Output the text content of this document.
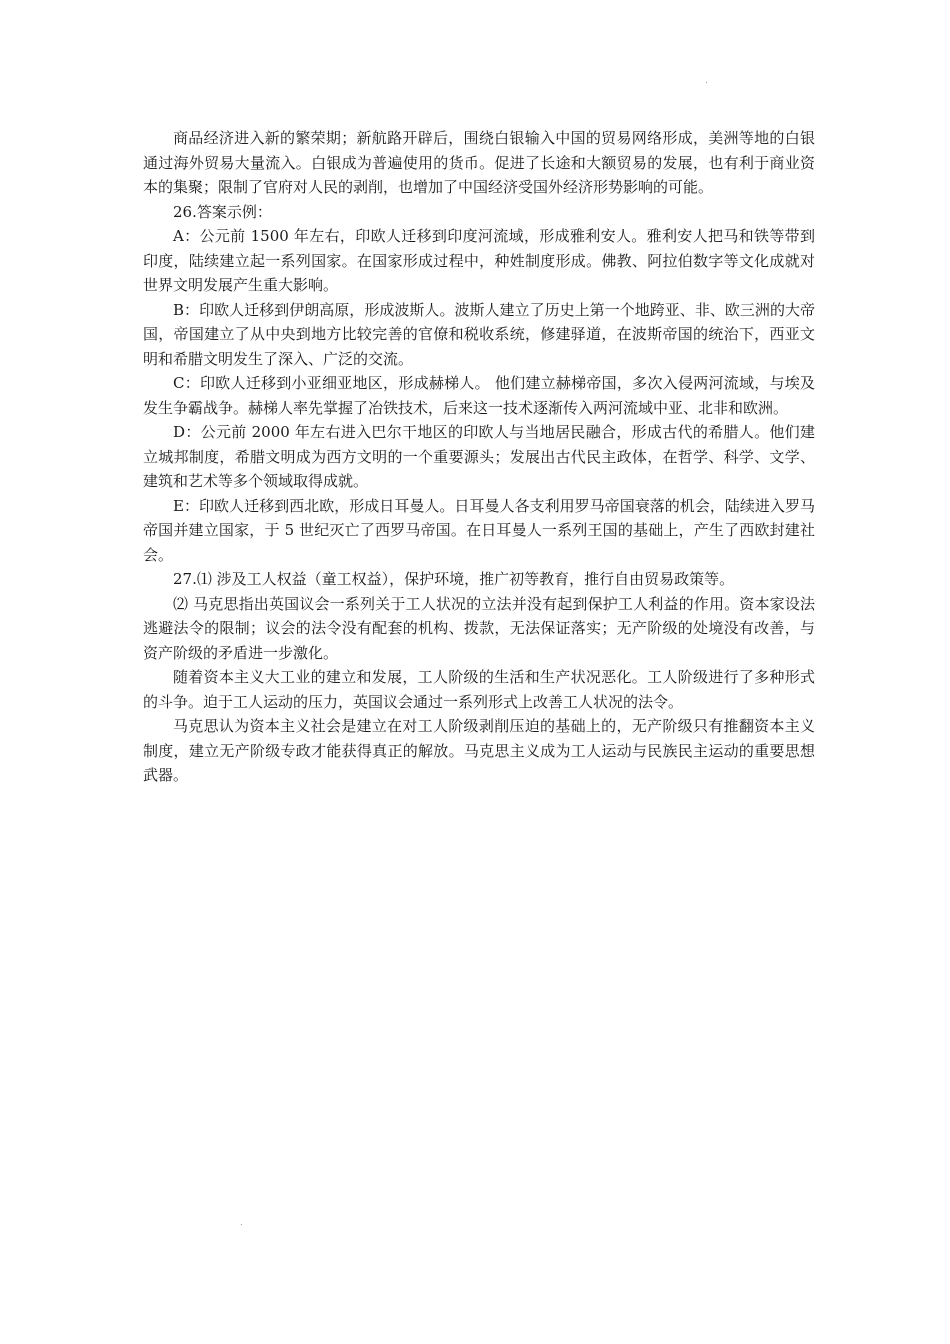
.

商品经济进入新的繁荣期；新航路开辟后，围绕白银输入中国的贸易网络形成，美洲等地的白银通过海外贸易大量流入。白银成为普遍使用的货币。促进了长途和大额贸易的发展，也有利于商业资本的集聚；限制了官府对人民的剥削，也增加了中国经济受国外经济形势影响的可能。

26.答案示例：

A：公元前 1500 年左右，印欧人迁移到印度河流域，形成雅利安人。雅利安人把马和铁等带到印度，陆续建立起一系列国家。在国家形成过程中，种姓制度形成。佛教、阿拉伯数字等文化成就对世界文明发展产生重大影响。

B：印欧人迁移到伊朗高原，形成波斯人。波斯人建立了历史上第一个地跨亚、非、欧三洲的大帝国，帝国建立了从中央到地方比较完善的官僚和税收系统，修建驿道，在波斯帝国的统治下，西亚文明和希腊文明发生了深入、广泛的交流。

C：印欧人迁移到小亚细亚地区，形成赫梯人。 他们建立赫梯帝国，多次入侵两河流域，与埃及发生争霸战争。赫梯人率先掌握了冶铁技术，后来这一技术逐渐传入两河流域中亚、北非和欧洲。

D：公元前 2000 年左右进入巴尔干地区的印欧人与当地居民融合，形成古代的希腊人。他们建立城邦制度，希腊文明成为西方文明的一个重要源头；发展出古代民主政体，在哲学、科学、文学、建筑和艺术等多个领域取得成就。

E：印欧人迁移到西北欧，形成日耳曼人。日耳曼人各支利用罗马帝国衰落的机会，陆续进入罗马帝国并建立国家，于 5 世纪灭亡了西罗马帝国。在日耳曼人一系列王国的基础上，产生了西欧封建社会。

27.⑴ 涉及工人权益（童工权益），保护环境，推广初等教育，推行自由贸易政策等。

⑵ 马克思指出英国议会一系列关于工人状况的立法并没有起到保护工人利益的作用。资本家设法逃避法令的限制；议会的法令没有配套的机构、拨款，无法保证落实；无产阶级的处境没有改善，与资产阶级的矛盾进一步激化。

随着资本主义大工业的建立和发展，工人阶级的生活和生产状况恶化。工人阶级进行了多种形式的斗争。迫于工人运动的压力，英国议会通过一系列形式上改善工人状况的法令。

马克思认为资本主义社会是建立在对工人阶级剥削压迫的基础上的，无产阶级只有推翻资本主义制度，建立无产阶级专政才能获得真正的解放。马克思主义成为工人运动与民族民主运动的重要思想武器。

.
